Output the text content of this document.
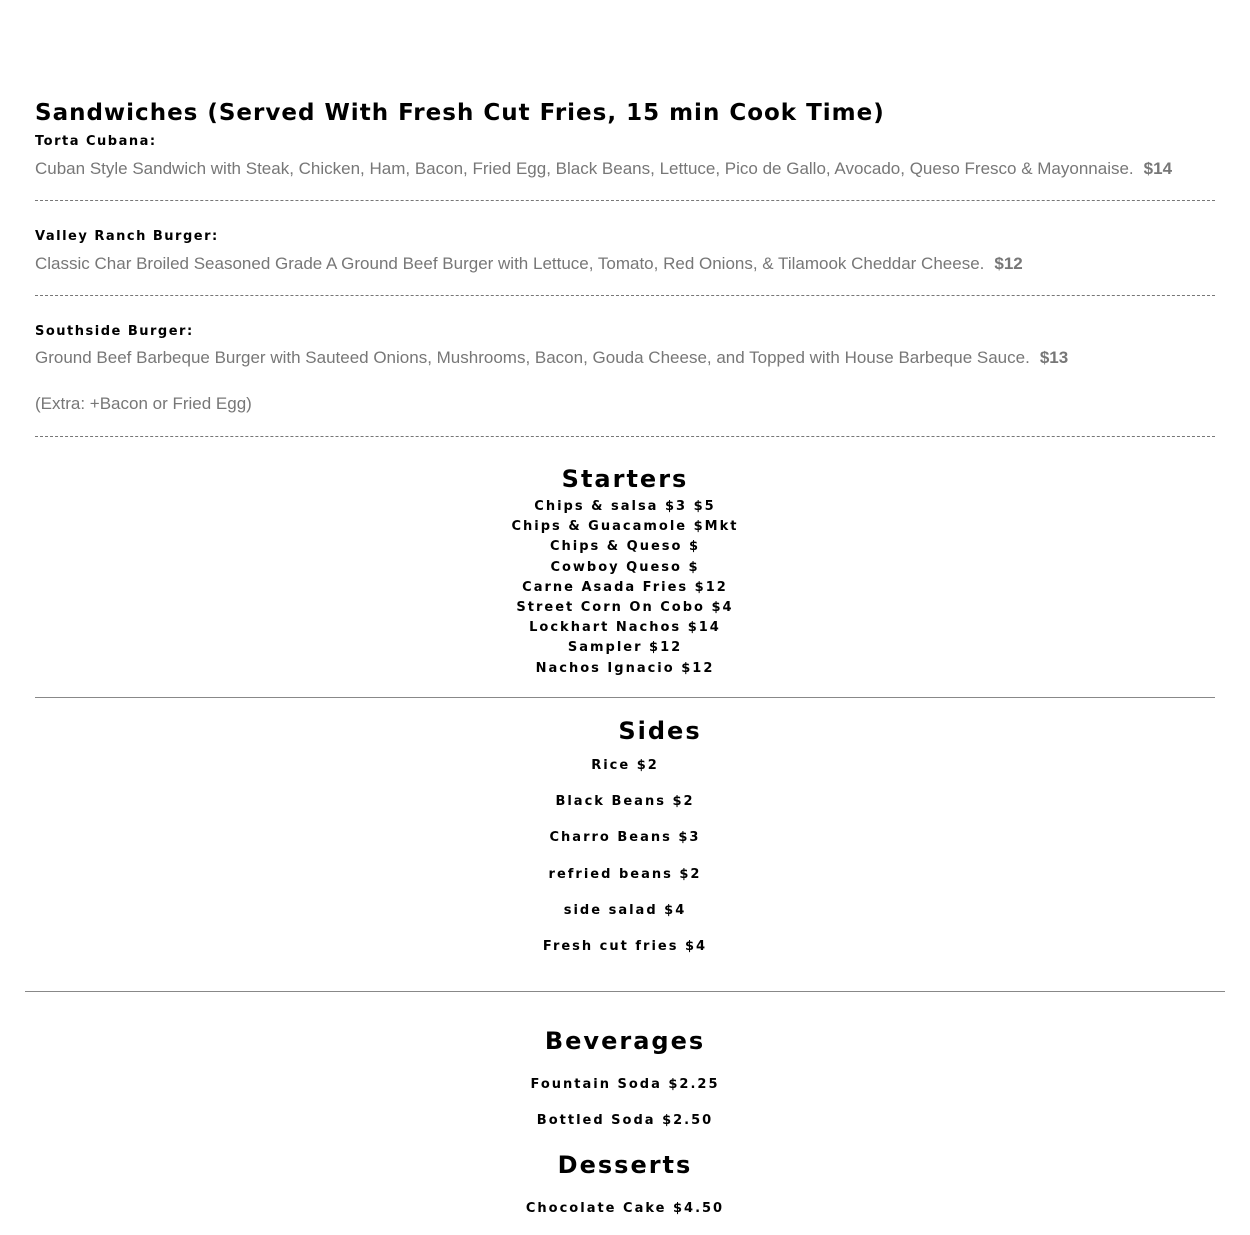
Sandwiches (Served With Fresh Cut Fries, 15 min Cook Time)
Torta Cubana:
Cuban Style Sandwich with Steak, Chicken, Ham, Bacon, Fried Egg, Black Beans, Lettuce, Pico de Gallo, Avocado, Queso Fresco & Mayonnaise. $14
Valley Ranch Burger:
Classic Char Broiled Seasoned Grade A Ground Beef Burger with Lettuce, Tomato, Red Onions, & Tilamook Cheddar Cheese. $12
Southside Burger:
Ground Beef Barbeque Burger with Sauteed Onions, Mushrooms, Bacon, Gouda Cheese, and Topped with House Barbeque Sauce. $13
(Extra: +Bacon or Fried Egg)
Starters
Chips & salsa $3 $5
Chips & Guacamole $Mkt
Chips & Queso $
Cowboy Queso $
Carne Asada Fries $12
Street Corn On Cobo $4
Lockhart Nachos $14
Sampler $12
Nachos Ignacio $12
Sides
Rice $2
Black Beans $2
Charro Beans $3
refried beans $2
side salad $4
Fresh cut fries $4
Beverages
Fountain Soda $2.25
Bottled Soda $2.50
Desserts
Chocolate Cake $4.50
